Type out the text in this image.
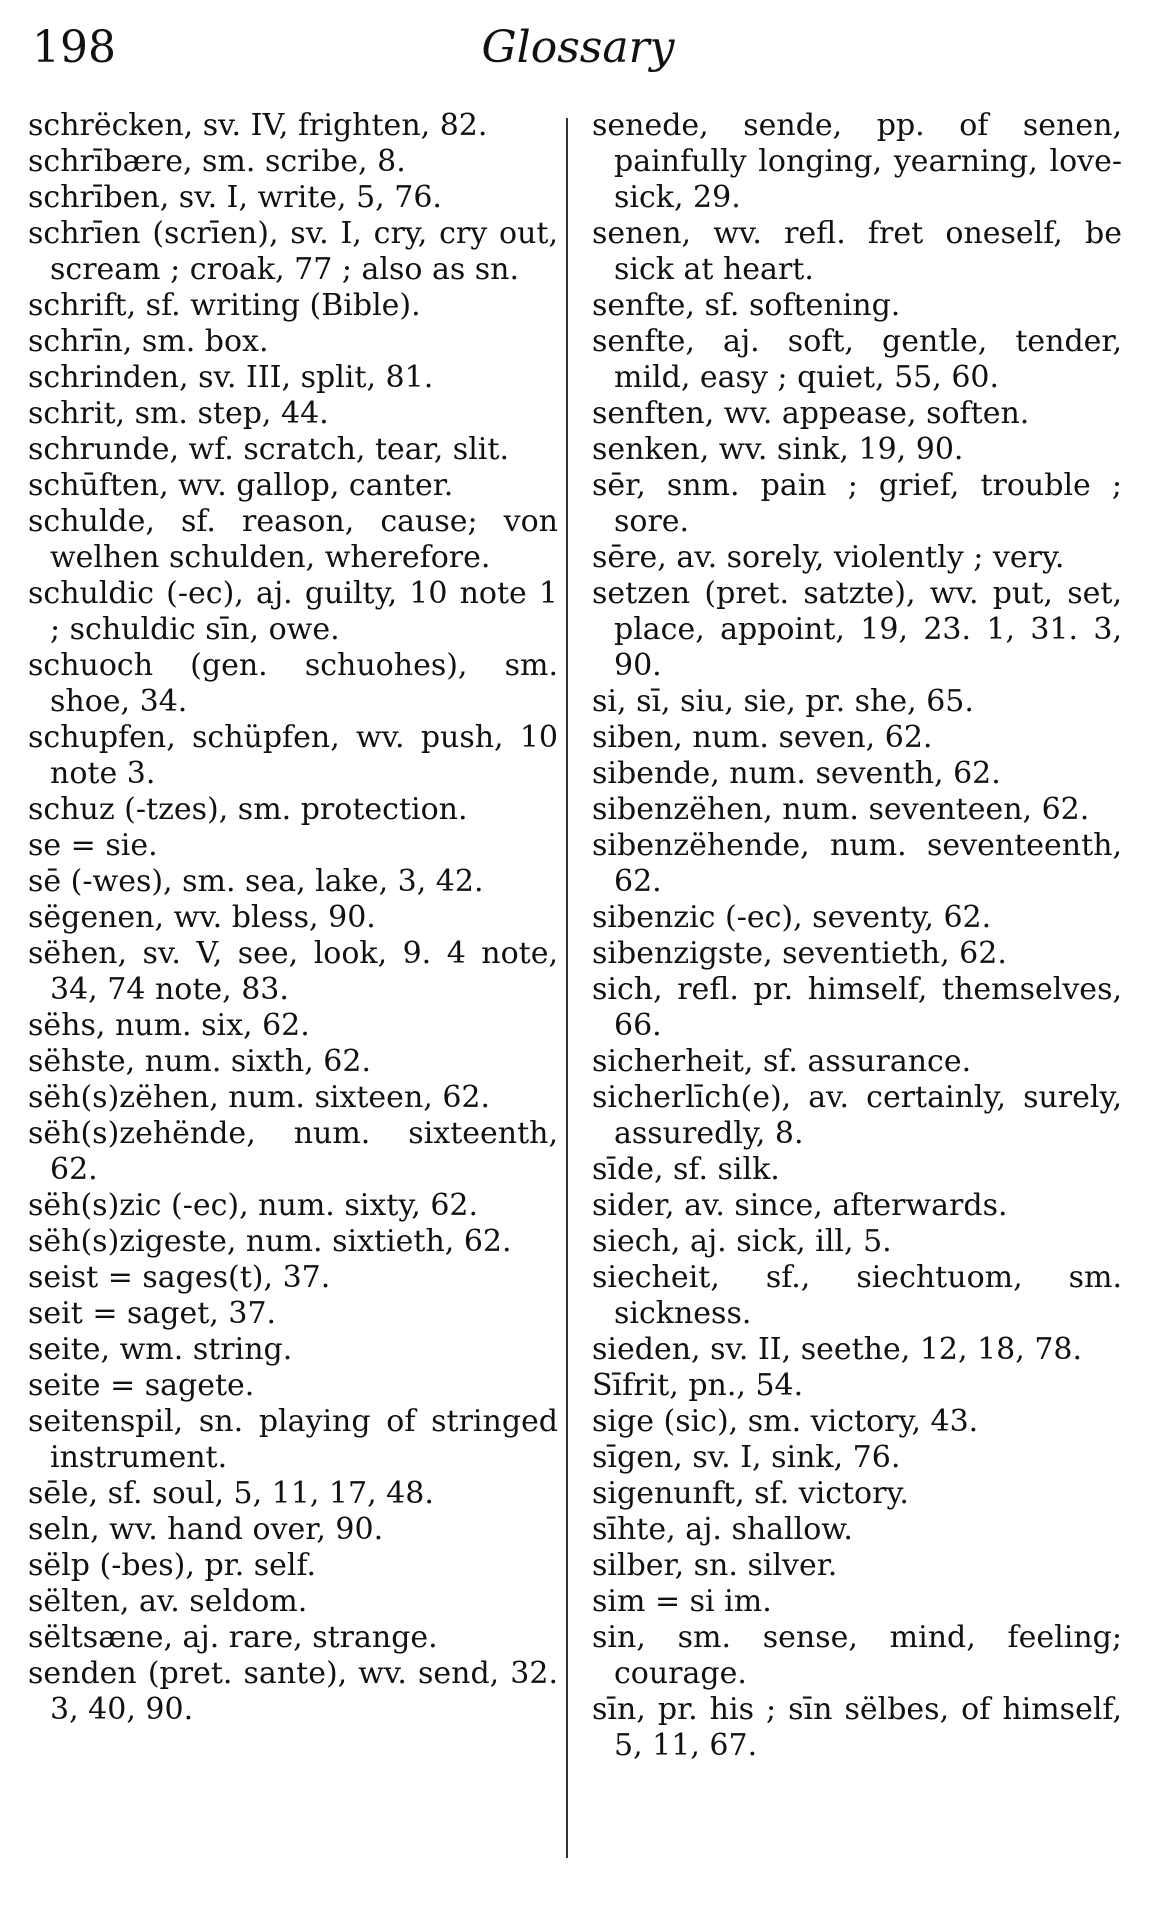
198	Glossary

schrëcken, sv. IV, frighten, 82.

schrībære, sm. scribe, 8.

schrīben, sv. I, write, 5, 76.

schrīen (scrīen), sv. I, cry, cry out, scream ; croak, 77 ; also as sn.

schrift, sf. writing (Bible).

schrīn, sm. box.

schrinden, sv. III, split, 81.

schrit, sm. step, 44.

schrunde, wf. scratch, tear, slit.

schūften, wv. gallop, canter.

schulde, sf. reason, cause; von welhen schulden, wherefore.

schuldic (-ec), aj. guilty, 10 note 1 ; schuldic sīn, owe.

schuoch (gen. schuohes), sm. shoe, 34.

schupfen, schüpfen, wv. push, 10 note 3.

schuz (-tzes), sm. protection.

se = sie.

sē (-wes), sm. sea, lake, 3, 42.

sëgenen, wv. bless, 90.

sëhen, sv. V, see, look, 9. 4 note, 34, 74 note, 83.

sëhs, num. six, 62.

sëhste, num. sixth, 62.

sëh(s)zëhen, num. sixteen, 62.

sëh(s)zehënde, num. sixteenth, 62.

sëh(s)zic (-ec), num. sixty, 62.

sëh(s)zigeste, num. sixtieth, 62.

seist = sages(t), 37.

seit = saget, 37.

seite, wm. string.

seite = sagete.

seitenspil, sn. playing of stringed instrument.

sēle, sf. soul, 5, 11, 17, 48.

seln, wv. hand over, 90.

sëlp (-bes), pr. self.

sëlten, av. seldom.

sëltsæne, aj. rare, strange.

senden (pret. sante), wv. send, 32. 3, 40, 90.

senede, sende, pp. of senen, painfully longing, yearning, love-sick, 29.

senen, wv. refl. fret oneself, be sick at heart.

senfte, sf. softening.

senfte, aj. soft, gentle, tender, mild, easy ; quiet, 55, 60.

senften, wv. appease, soften.

senken, wv. sink, 19, 90.

sēr, snm. pain ; grief, trouble ; sore.

sēre, av. sorely, violently ; very.

setzen (pret. satzte), wv. put, set, place, appoint, 19, 23. 1, 31. 3, 90.

si, sī, siu, sie, pr. she, 65.

siben, num. seven, 62.

sibende, num. seventh, 62.

sibenzëhen, num. seventeen, 62.

sibenzëhende, num. seventeenth, 62.

sibenzic (-ec), seventy, 62.

sibenzigste, seventieth, 62.

sich, refl. pr. himself, themselves, 66.

sicherheit, sf. assurance.

sicherlīch(e), av. certainly, surely, assuredly, 8.

sīde, sf. silk.

sider, av. since, afterwards.

siech, aj. sick, ill, 5.

siecheit, sf., siechtuom, sm. sickness.

sieden, sv. II, seethe, 12, 18, 78.

Sīfrit, pn., 54.

sige (sic), sm. victory, 43.

sīgen, sv. I, sink, 76.

sigenunft, sf. victory.

sīhte, aj. shallow.

silber, sn. silver.

sim = si im.

sin, sm. sense, mind, feeling; courage.

sīn, pr. his ; sīn sëlbes, of himself, 5, 11, 67.
